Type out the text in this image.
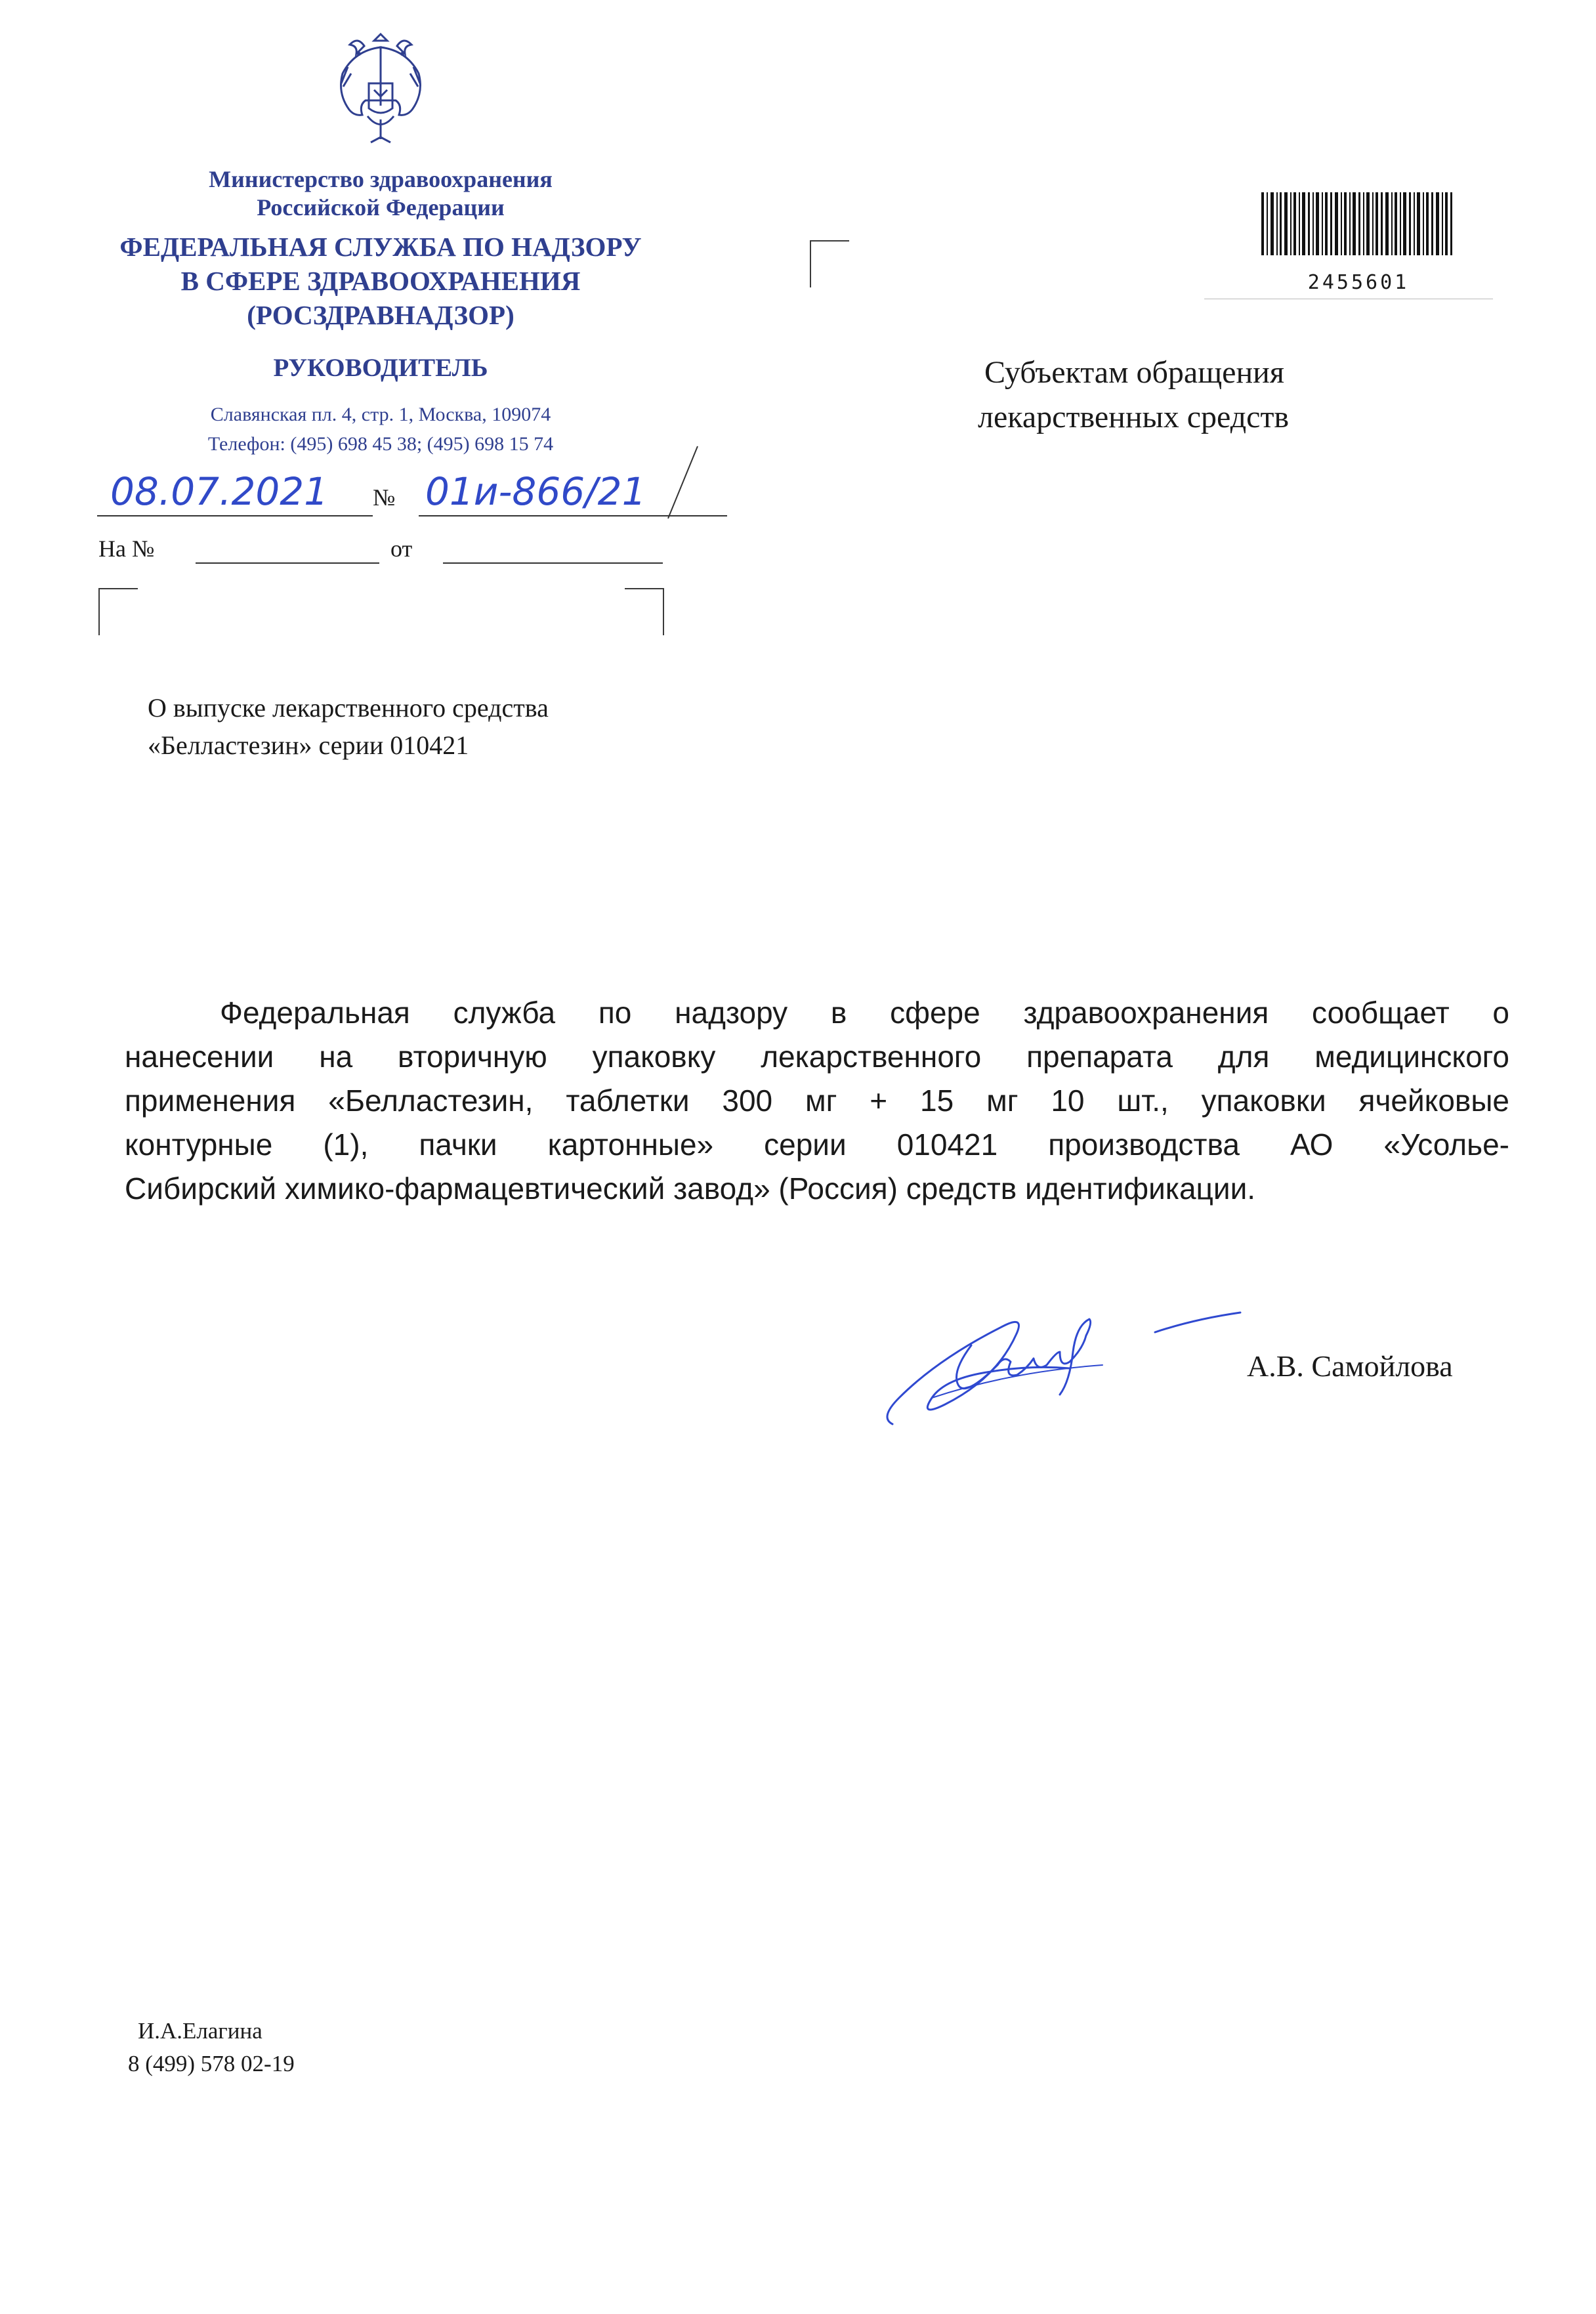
Министерство здравоохранения
Российской Федерации
ФЕДЕРАЛЬНАЯ СЛУЖБА ПО НАДЗОРУ
В СФЕРЕ ЗДРАВООХРАНЕНИЯ
(РОСЗДРАВНАДЗОР)
РУКОВОДИТЕЛЬ
Славянская пл. 4, стр. 1, Москва, 109074
Телефон: (495) 698 45 38; (495) 698 15 74
08.07.2021 № 01и-866/21
На №	от
2455601
Субъектам обращения
лекарственных средств
О выпуске лекарственного средства
«Белластезин» серии 010421
Федеральная служба по надзору в сфере здравоохранения сообщает о
нанесении на вторичную упаковку лекарственного препарата для медицинского
применения «Белластезин, таблетки 300 мг + 15 мг 10 шт., упаковки ячейковые
контурные (1), пачки картонные» серии 010421 производства АО «Усолье-
Сибирский химико-фармацевтический завод» (Россия) средств идентификации.
А.В. Самойлова
И.А.Елагина
8 (499) 578 02-19
